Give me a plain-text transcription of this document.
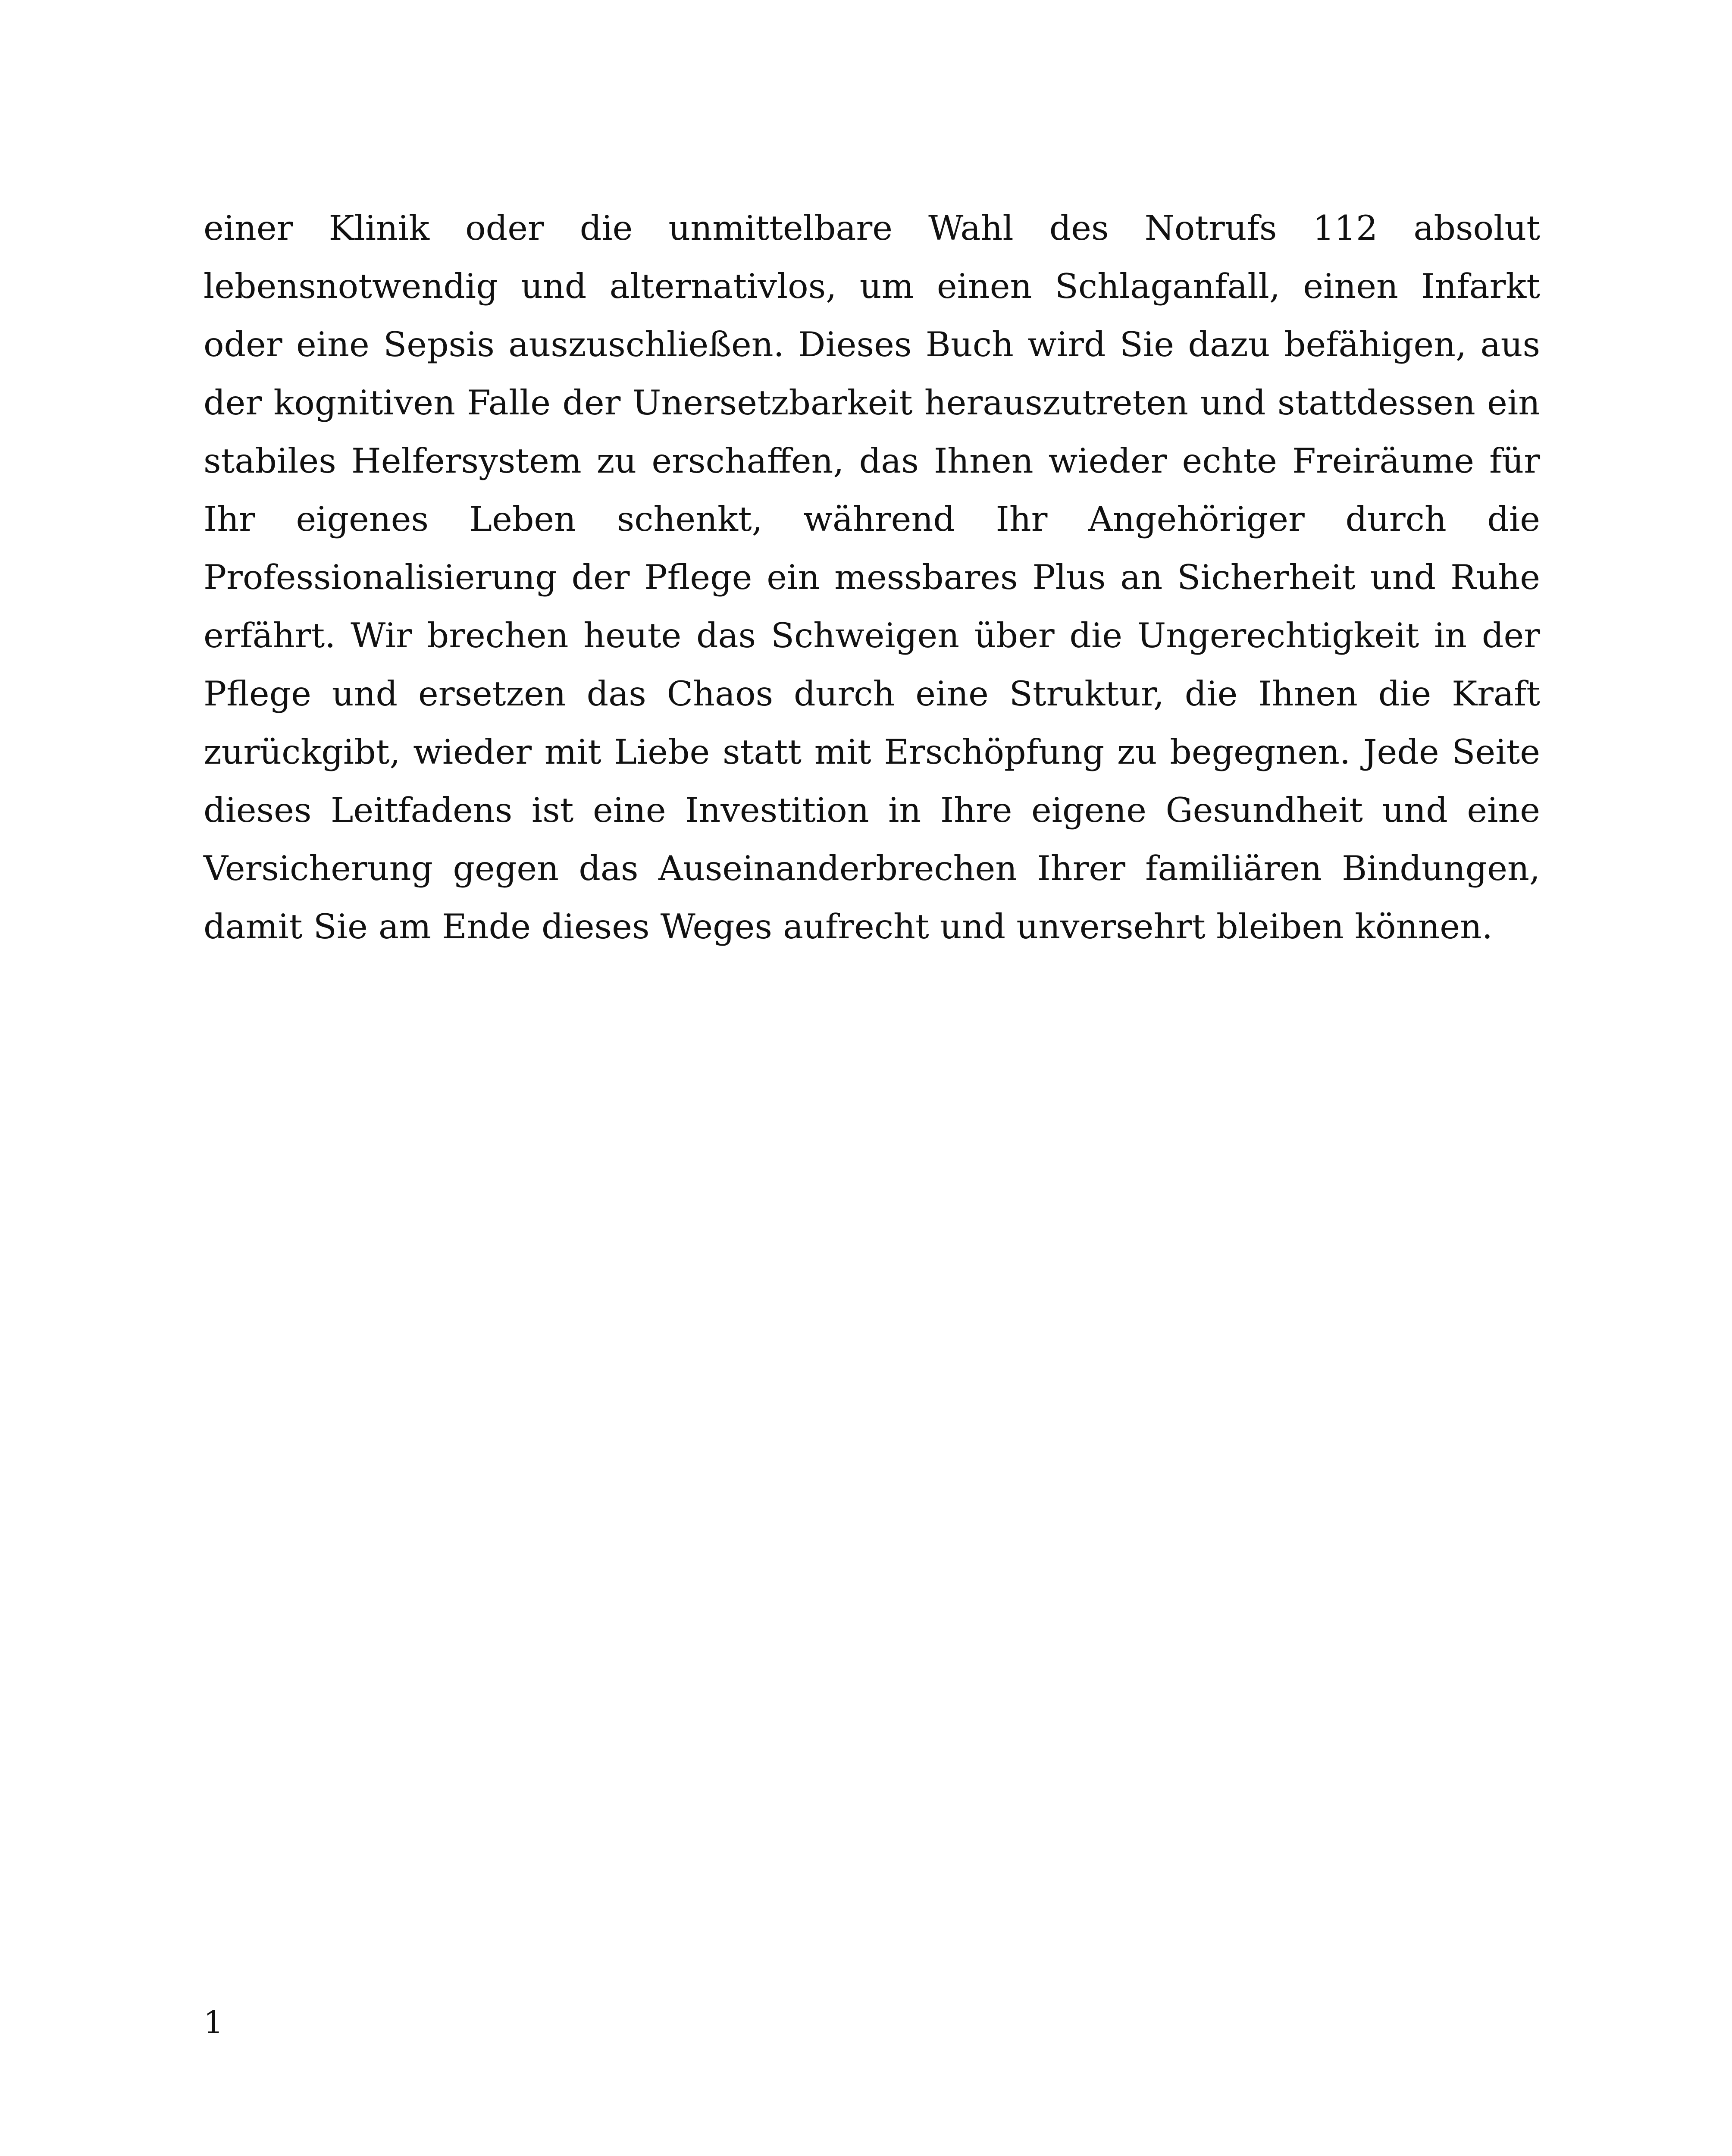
einer Klinik oder die unmittelbare Wahl des Notrufs 112 absolut lebensnotwendig und alternativlos, um einen Schlaganfall, einen Infarkt oder eine Sepsis auszuschließen. Dieses Buch wird Sie dazu befähigen, aus der kognitiven Falle der Unersetzbarkeit herauszutreten und stattdessen ein stabiles Helfersystem zu erschaffen, das Ihnen wieder echte Freiräume für Ihr eigenes Leben schenkt, während Ihr Angehöriger durch die Professionalisierung der Pflege ein messbares Plus an Sicherheit und Ruhe erfährt. Wir brechen heute das Schweigen über die Ungerechtigkeit in der Pflege und ersetzen das Chaos durch eine Struktur, die Ihnen die Kraft zurückgibt, wieder mit Liebe statt mit Erschöpfung zu begegnen. Jede Seite dieses Leitfadens ist eine Investition in Ihre eigene Gesundheit und eine Versicherung gegen das Auseinanderbrechen Ihrer familiären Bindungen, damit Sie am Ende dieses Weges aufrecht und unversehrt bleiben können.

1
